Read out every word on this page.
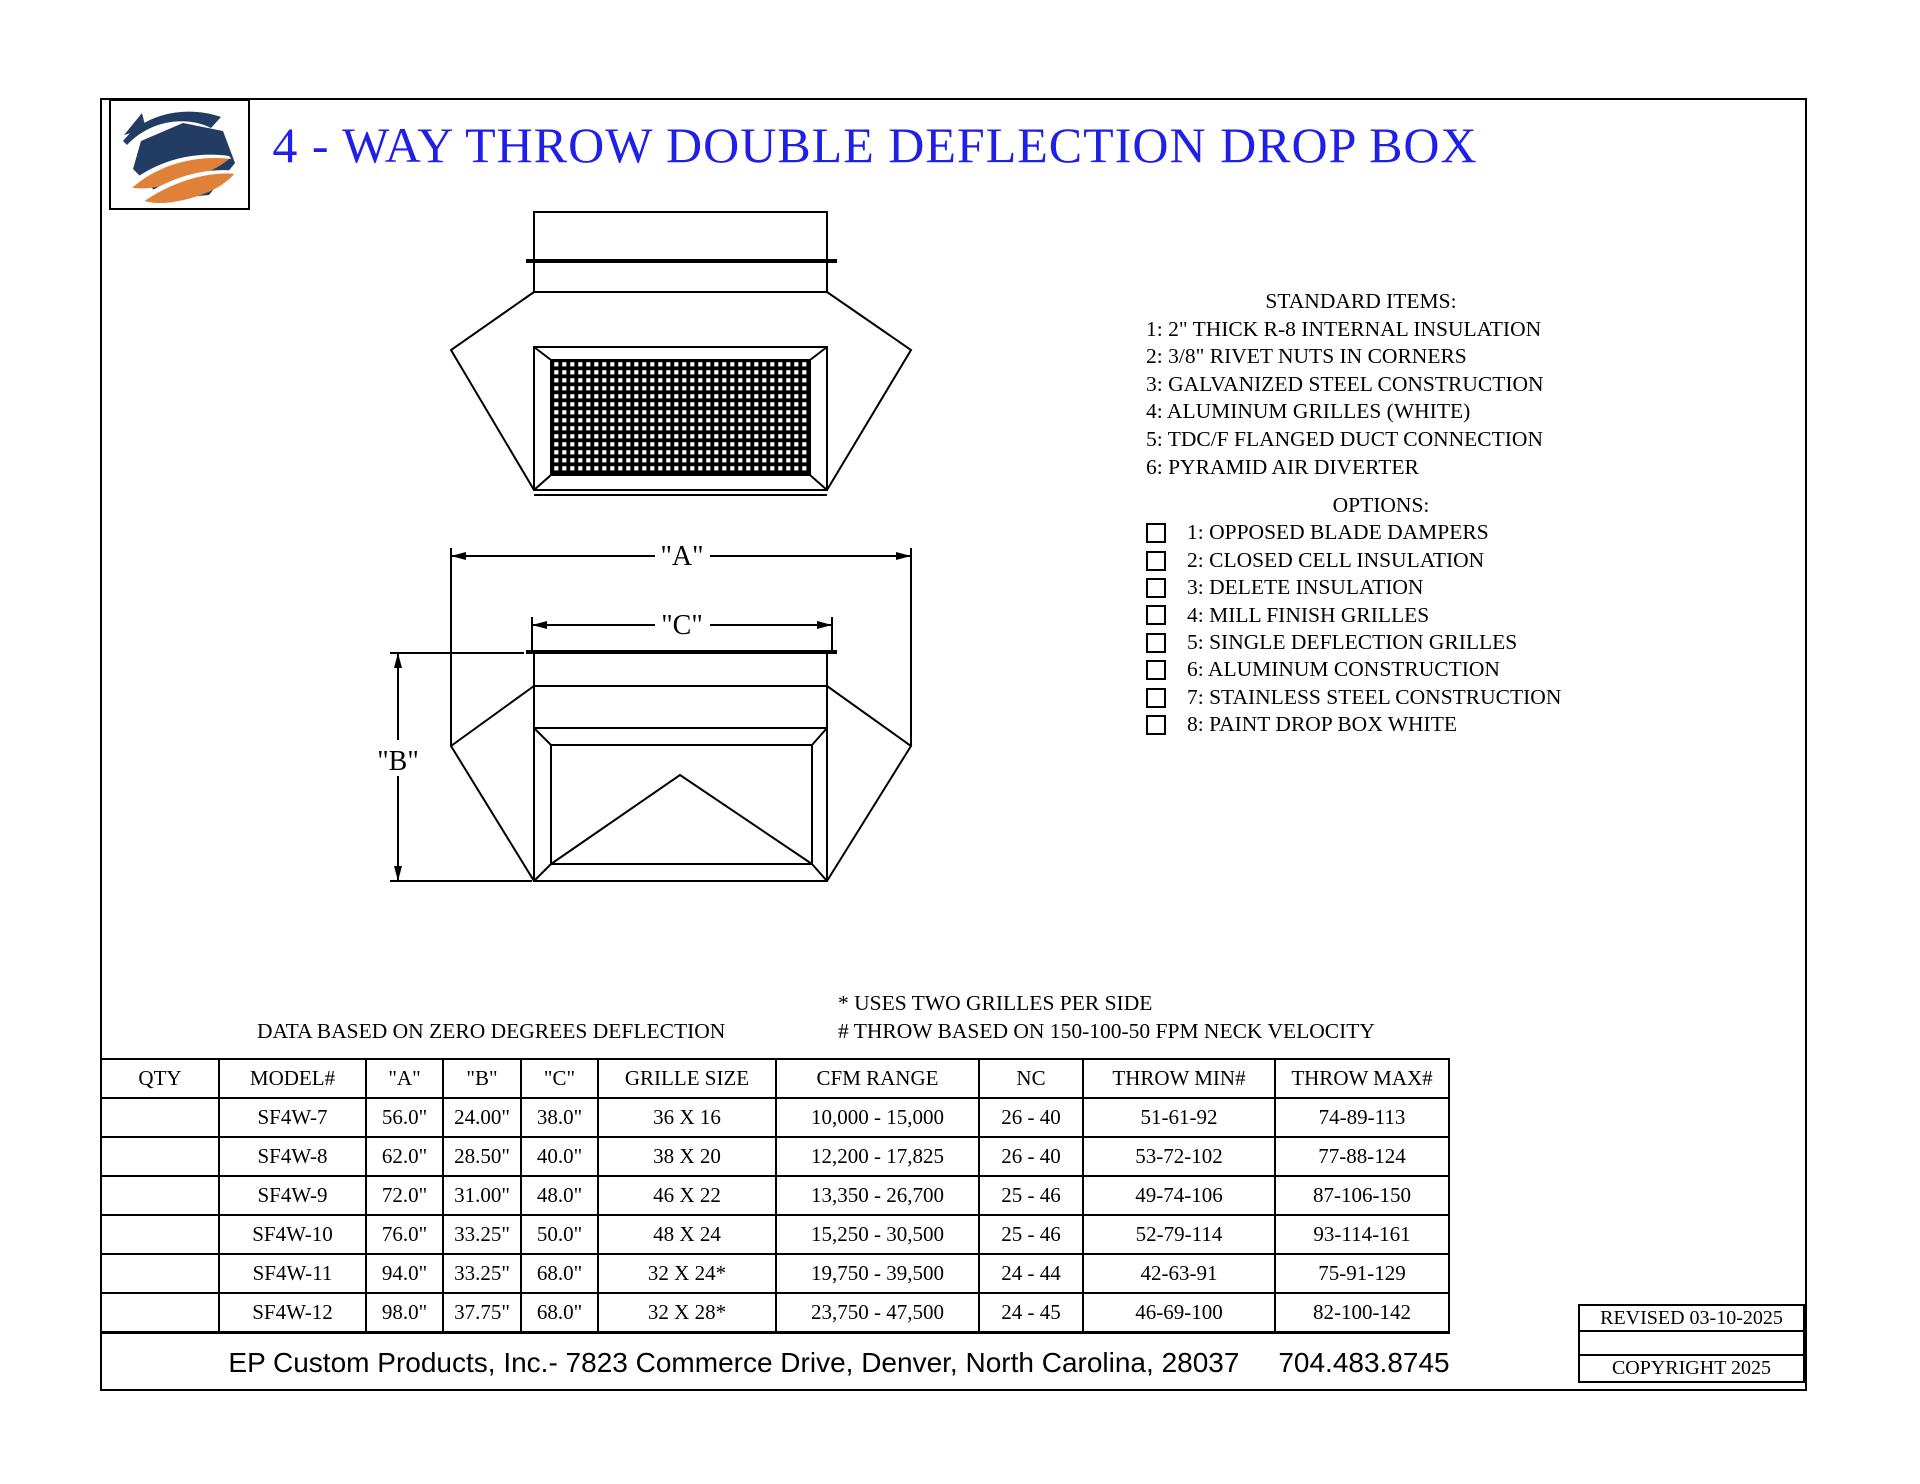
4 - WAY THROW DOUBLE DEFLECTION DROP BOX
"A"
"C"
"B"
STANDARD ITEMS:
1: 2" THICK R-8 INTERNAL INSULATION
2: 3/8" RIVET NUTS IN CORNERS
3: GALVANIZED STEEL CONSTRUCTION
4: ALUMINUM GRILLES (WHITE)
5: TDC/F FLANGED DUCT CONNECTION
6: PYRAMID AIR DIVERTER
OPTIONS:
1: OPPOSED BLADE DAMPERS
2: CLOSED CELL INSULATION
3: DELETE INSULATION
4: MILL FINISH GRILLES
5: SINGLE DEFLECTION GRILLES
6: ALUMINUM CONSTRUCTION
7: STAINLESS STEEL CONSTRUCTION
8: PAINT DROP BOX WHITE
* USES TWO GRILLES PER SIDE
DATA BASED ON ZERO DEGREES DEFLECTION	# THROW BASED ON 150-100-50 FPM NECK VELOCITY
QTY	MODEL#	"A"	"B"	"C"	GRILLE SIZE	CFM RANGE	NC	THROW MIN#	THROW MAX#
	SF4W-7	56.0"	24.00"	38.0"	36 X 16	10,000 - 15,000	26 - 40	51-61-92	74-89-113
	SF4W-8	62.0"	28.50"	40.0"	38 X 20	12,200 - 17,825	26 - 40	53-72-102	77-88-124
	SF4W-9	72.0"	31.00"	48.0"	46 X 22	13,350 - 26,700	25 - 46	49-74-106	87-106-150
	SF4W-10	76.0"	33.25"	50.0"	48 X 24	15,250 - 30,500	25 - 46	52-79-114	93-114-161
	SF4W-11	94.0"	33.25"	68.0"	32 X 24*	19,750 - 39,500	24 - 44	42-63-91	75-91-129
	SF4W-12	98.0"	37.75"	68.0"	32 X 28*	23,750 - 47,500	24 - 45	46-69-100	82-100-142
EP Custom Products, Inc.- 7823 Commerce Drive, Denver, North Carolina, 28037     704.483.8745
REVISED 03-10-2025
COPYRIGHT 2025
